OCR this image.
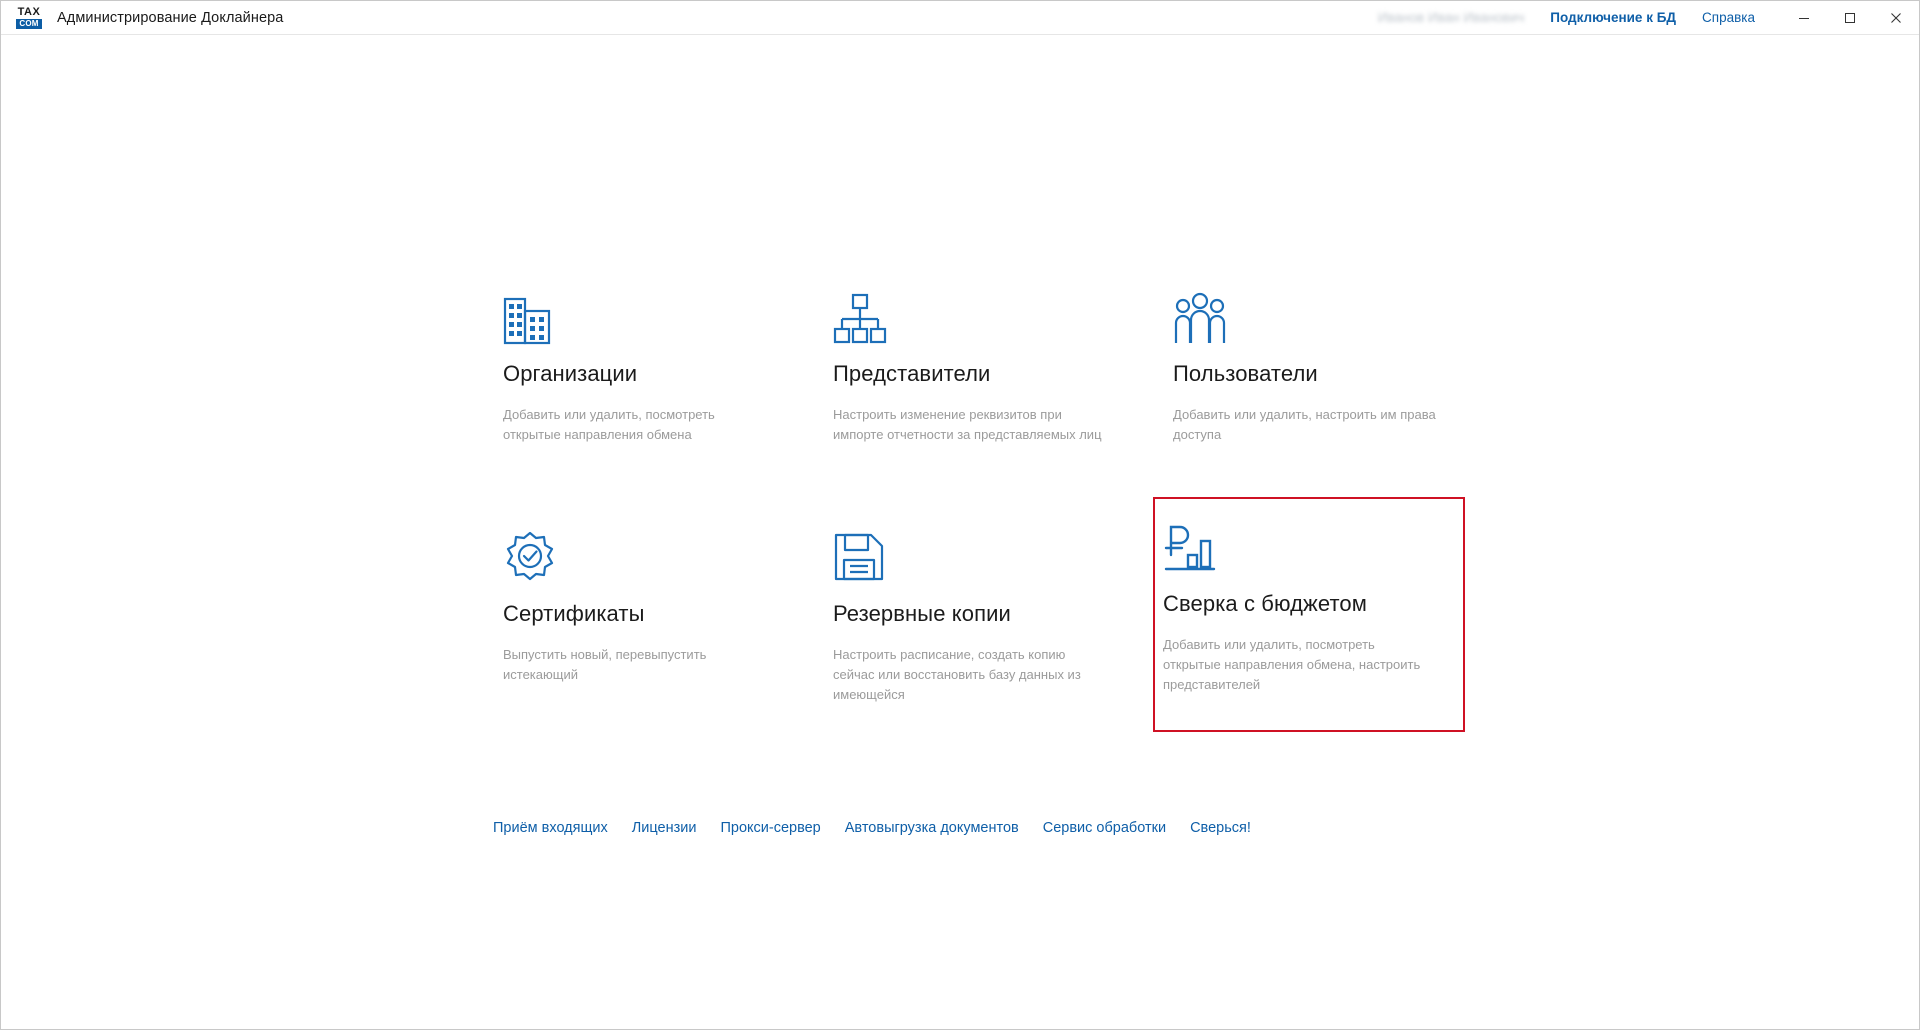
TAX
COM Администрирование Доклайнера	Иванов Иван Иванович Подключение к БД Справка
Организации
Добавить или удалить, посмотреть открытые направления обмена
Представители
Настроить изменение реквизитов при импорте отчетности за представляемых лиц
Пользователи
Добавить или удалить, настроить им права доступа
Сертификаты
Выпустить новый, перевыпустить истекающий
Резервные копии
Настроить расписание, создать копию сейчас или восстановить базу данных из имеющейся
Сверка с бюджетом
Добавить или удалить, посмотреть открытые направления обмена, настроить представителей
Приём входящих Лицензии Прокси-сервер Автовыгрузка документов Сервис обработки Сверься!
